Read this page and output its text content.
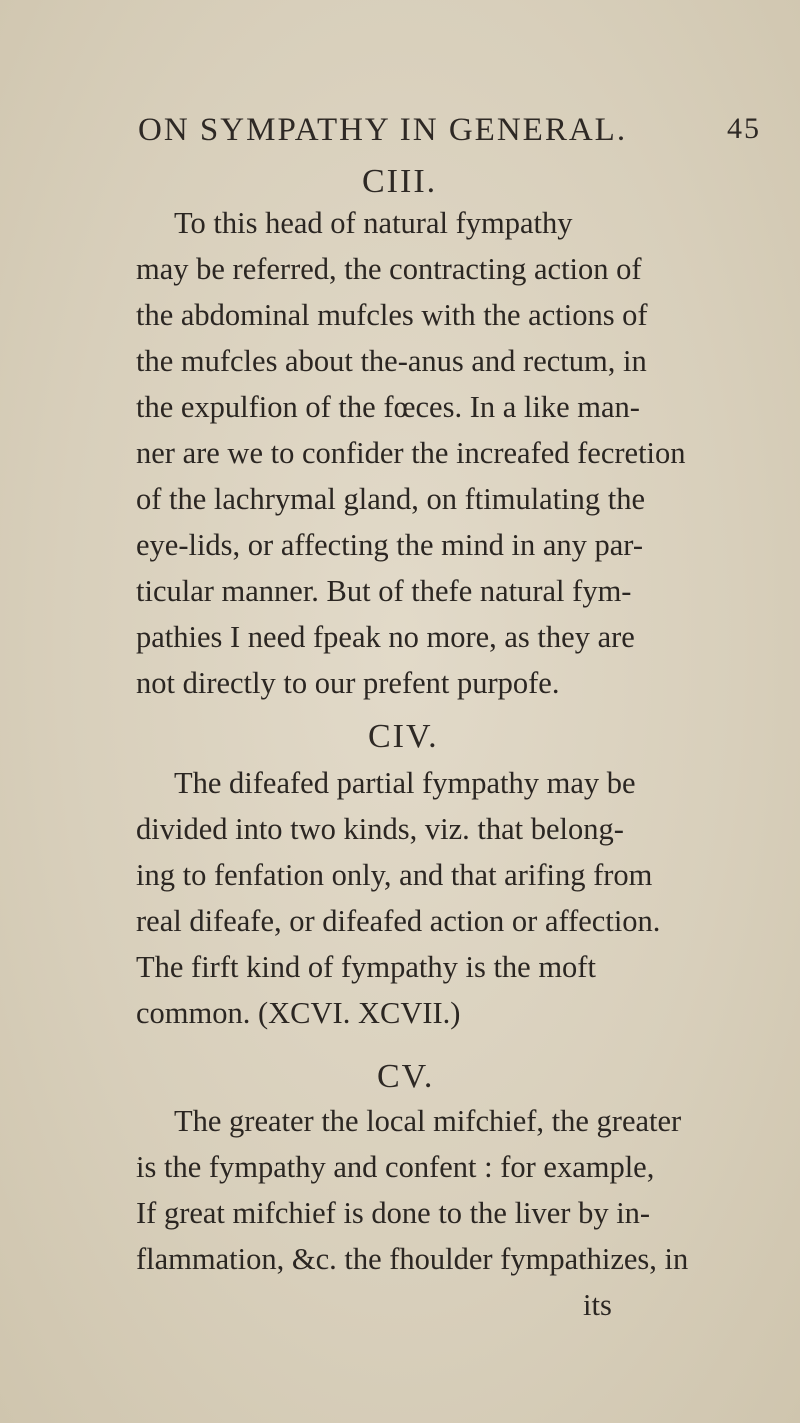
ON SYMPATHY IN GENERAL.	45
CIII.
To this head of natural fympathy
may be referred, the contracting action of
the abdominal mufcles with the actions of
the mufcles about the-anus and rectum, in
the expulfion of the fœces. In a like man-
ner are we to confider the increafed fecretion
of the lachrymal gland, on ftimulating the
eye-lids, or affecting the mind in any par-
ticular manner. But of thefe natural fym-
pathies I need fpeak no more, as they are
not directly to our prefent purpofe.
CIV.
The difeafed partial fympathy may be
divided into two kinds, viz. that belong-
ing to fenfation only, and that arifing from
real difeafe, or difeafed action or affection.
The firft kind of fympathy is the moft
common. (XCVI. XCVII.)
CV.
The greater the local mifchief, the greater
is the fympathy and confent : for example,
If great mifchief is done to the liver by in-
flammation, &c. the fhoulder fympathizes, in
its
